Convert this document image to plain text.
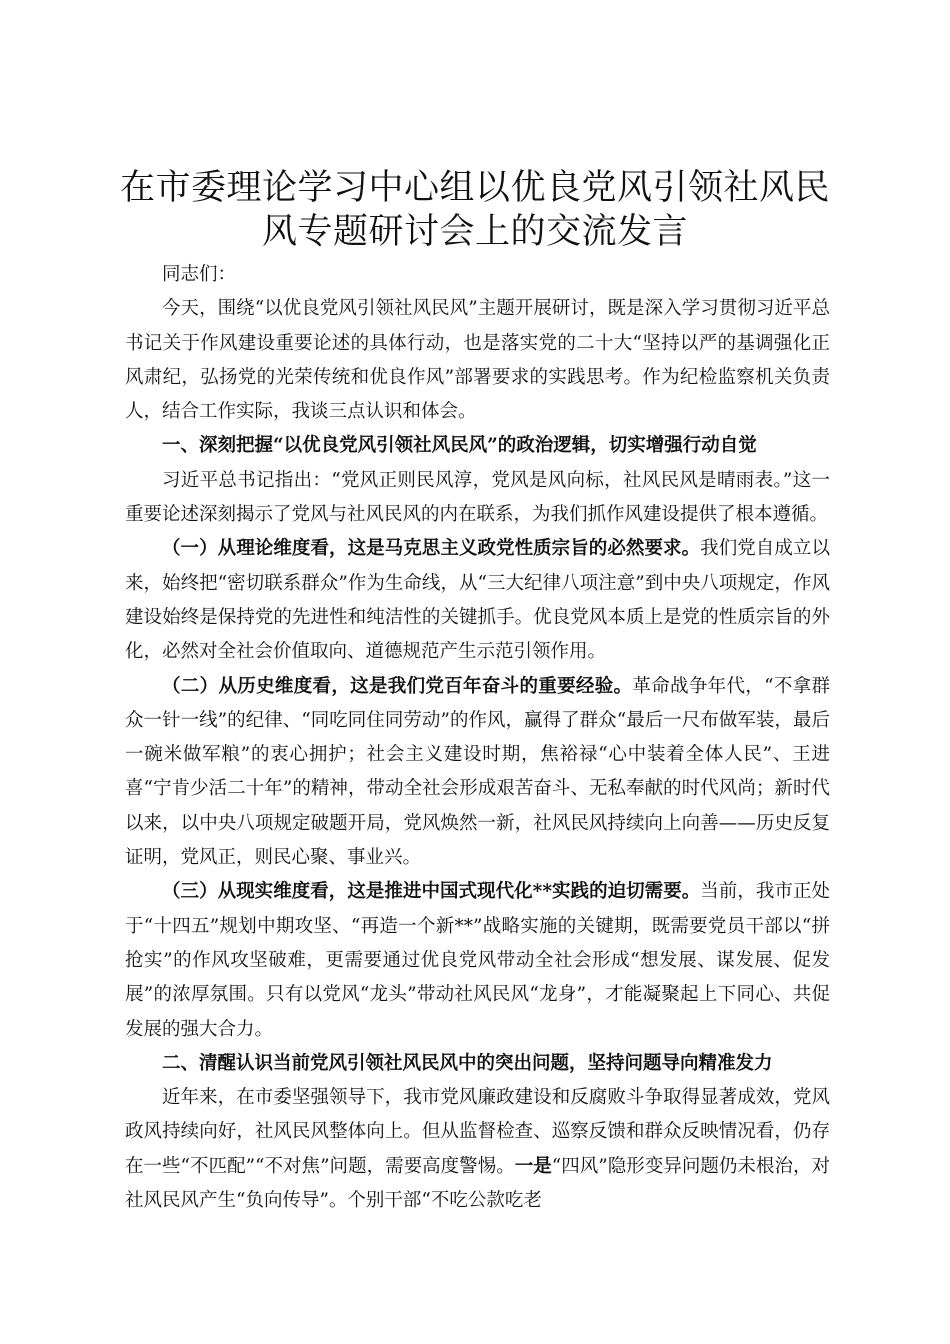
在市委理论学习中心组以优良党风引领社风民
风专题研讨会上的交流发言

同志们：

今天，围绕“以优良党风引领社风民风”主题开展研讨，既是深入学习贯彻习近平总书记关于作风建设重要论述的具体行动，也是落实党的二十大“坚持以严的基调强化正风肃纪，弘扬党的光荣传统和优良作风”部署要求的实践思考。作为纪检监察机关负责人，结合工作实际，我谈三点认识和体会。

一、深刻把握“以优良党风引领社风民风”的政治逻辑，切实增强行动自觉

习近平总书记指出：“党风正则民风淳，党风是风向标，社风民风是晴雨表。”这一重要论述深刻揭示了党风与社风民风的内在联系，为我们抓作风建设提供了根本遵循。

（一）从理论维度看，这是马克思主义政党性质宗旨的必然要求。我们党自成立以来，始终把“密切联系群众”作为生命线，从“三大纪律八项注意”到中央八项规定，作风建设始终是保持党的先进性和纯洁性的关键抓手。优良党风本质上是党的性质宗旨的外化，必然对全社会价值取向、道德规范产生示范引领作用。

（二）从历史维度看，这是我们党百年奋斗的重要经验。革命战争年代，“不拿群众一针一线”的纪律、“同吃同住同劳动”的作风，赢得了群众“最后一尺布做军装，最后一碗米做军粮”的衷心拥护；社会主义建设时期，焦裕禄“心中装着全体人民”、王进喜“宁肯少活二十年”的精神，带动全社会形成艰苦奋斗、无私奉献的时代风尚；新时代以来，以中央八项规定破题开局，党风焕然一新，社风民风持续向上向善——历史反复证明，党风正，则民心聚、事业兴。

（三）从现实维度看，这是推进中国式现代化**实践的迫切需要。当前，我市正处于“十四五”规划中期攻坚、“再造一个新**”战略实施的关键期，既需要党员干部以“拼抢实”的作风攻坚破难，更需要通过优良党风带动全社会形成“想发展、谋发展、促发展”的浓厚氛围。只有以党风“龙头”带动社风民风“龙身”，才能凝聚起上下同心、共促发展的强大合力。

二、清醒认识当前党风引领社风民风中的突出问题，坚持问题导向精准发力

近年来，在市委坚强领导下，我市党风廉政建设和反腐败斗争取得显著成效，党风政风持续向好，社风民风整体向上。但从监督检查、巡察反馈和群众反映情况看，仍存在一些“不匹配”“不对焦”问题，需要高度警惕。一是“四风”隐形变异问题仍未根治，对社风民风产生“负向传导”。个别干部“不吃公款吃老
